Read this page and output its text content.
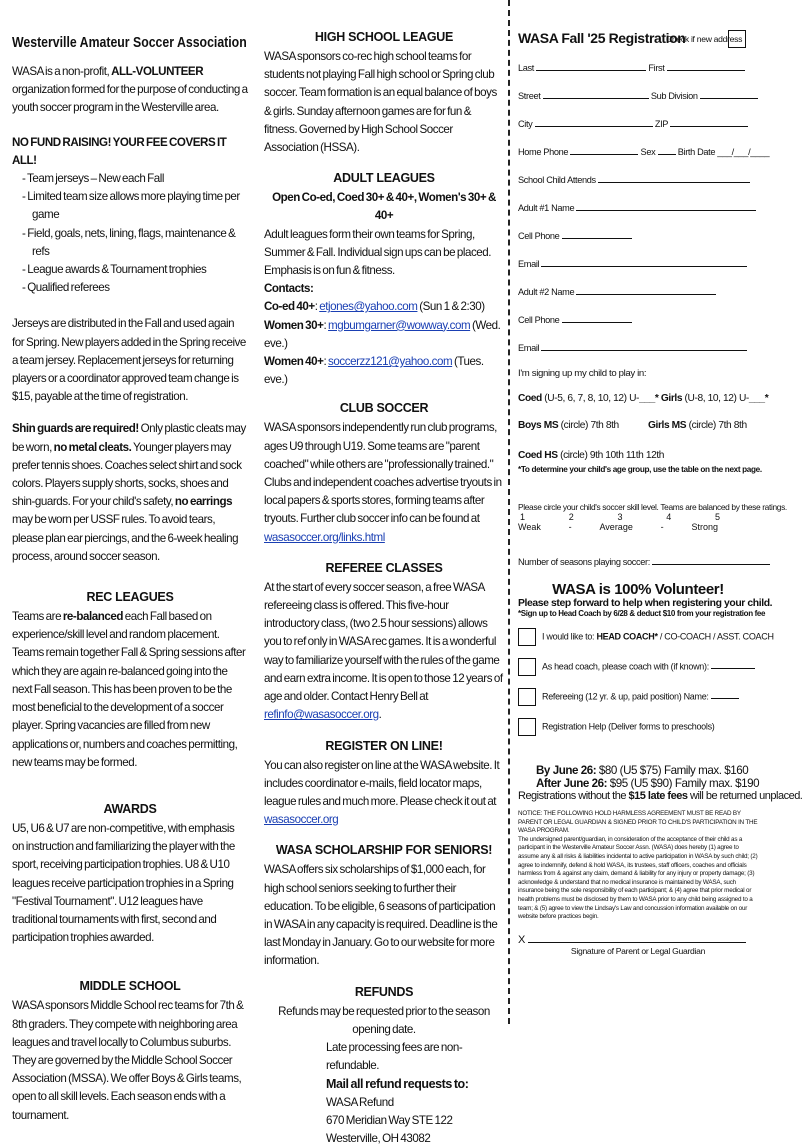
Westerville Amateur Soccer Association
WASA is a non-profit, ALL-VOLUNTEER organization formed for the purpose of conducting a youth soccer program in the Westerville area.
NO FUND RAISING! YOUR FEE COVERS IT ALL!
- Team jerseys – New each Fall
- Limited team size allows more playing time per game
- Field, goals, nets, lining, flags, maintenance & refs
- League awards & Tournament trophies
- Qualified referees
Jerseys are distributed in the Fall and used again for Spring. New players added in the Spring receive a team jersey. Replacement jerseys for returning players or a coordinator approved team change is $15, payable at the time of registration.
Shin guards are required! Only plastic cleats may be worn, no metal cleats. Younger players may prefer tennis shoes. Coaches select shirt and sock colors. Players supply shorts, socks, shoes and shin-guards. For your child's safety, no earrings may be worn per USSF rules. To avoid tears, please plan ear piercings, and the 6-week healing process, around soccer season.
REC LEAGUES
Teams are re-balanced each Fall based on experience/skill level and random placement. Teams remain together Fall & Spring sessions after which they are again re-balanced going into the next Fall season. This has been proven to be the most beneficial to the development of a soccer player. Spring vacancies are filled from new applications or, numbers and coaches permitting, new teams may be formed.
AWARDS
U5, U6 & U7 are non-competitive, with emphasis on instruction and familiarizing the player with the sport, receiving participation trophies. U8 & U10 leagues receive participation trophies in a Spring "Festival Tournament". U12 leagues have traditional tournaments with first, second and participation trophies awarded.
MIDDLE SCHOOL
WASA sponsors Middle School rec teams for 7th & 8th graders. They compete with neighboring area leagues and travel locally to Columbus suburbs. They are governed by the Middle School Soccer Association (MSSA). We offer Boys & Girls teams, open to all skill levels. Each season ends with a tournament.
HIGH SCHOOL LEAGUE
WASA sponsors co-rec high school teams for students not playing Fall high school or Spring club soccer. Team formation is an equal balance of boys & girls. Sunday afternoon games are for fun & fitness. Governed by High School Soccer Association (HSSA).
ADULT LEAGUES
Open Co-ed, Coed 30+ & 40+, Women's 30+ & 40+
Adult leagues form their own teams for Spring, Summer & Fall. Individual sign ups can be placed. Emphasis is on fun & fitness.
Contacts:
Co-ed 40+: etjones@yahoo.com (Sun 1 & 2:30)
Women 30+: mgbumgarner@wowway.com (Wed. eve.)
Women 40+: soccerzz121@yahoo.com (Tues. eve.)
CLUB SOCCER
WASA sponsors independently run club programs, ages U9 through U19. Some teams are "parent coached" while others are "professionally trained." Clubs and independent coaches advertise tryouts in local papers & sports stores, forming teams after tryouts. Further club soccer info can be found at wasasoccer.org/links.html
REFEREE CLASSES
At the start of every soccer season, a free WASA refereeing class is offered. This five-hour introductory class, (two 2.5 hour sessions) allows you to ref only in WASA rec games. It is a wonderful way to familiarize yourself with the rules of the game and earn extra income. It is open to those 12 years of age and older. Contact Henry Bell at refinfo@wasasoccer.org.
REGISTER ON LINE!
You can also register on line at the WASA website. It includes coordinator e-mails, field locator maps, league rules and much more. Please check it out at wasasoccer.org
WASA SCHOLARSHIP FOR SENIORS!
WASA offers six scholarships of $1,000 each, for high school seniors seeking to further their education. To be eligible, 6 seasons of participation in WASA in any capacity is required. Deadline is the last Monday in January. Go to our website for more information.
REFUNDS
Refunds may be requested prior to the season opening date.
Late processing fees are non-refundable.
Mail all refund requests to:
WASA Refund
670 Meridian Way STE 122
Westerville, OH 43082
WASA Fall '25 Registration
Check if new address
Last	First
Street	Sub Division
City	ZIP
Home Phone	Sex Birth Date ___/___/____
School Child Attends
Adult #1 Name
Cell Phone
Email
Adult #2 Name
Cell Phone
Email
I'm signing up my child to play in:
Coed (U-5, 6, 7, 8, 10, 12) U-___* Girls (U-8, 10, 12) U-___*
Boys MS (circle) 7th 8th	Girls MS (circle) 7th 8th
Coed HS (circle) 9th 10th 11th 12th
*To determine your child's age group, use the table on the next page.
Please circle your child's soccer skill level. Teams are balanced by these ratings.
1	2	3	4	5
Weak	-	Average	-	Strong
Number of seasons playing soccer:
WASA is 100% Volunteer!
Please step forward to help when registering your child.
*Sign up to Head Coach by 6/28 & deduct $10 from your registration fee
I would like to: HEAD COACH* / CO-COACH / ASST. COACH
As head coach, please coach with (if known):
Refereeing (12 yr. & up, paid position) Name:
Registration Help (Deliver forms to preschools)
By June 26: $80 (U5 $75) Family max. $160
After June 26: $95 (U5 $90) Family max. $190
Registrations without the $15 late fees will be returned unplaced.
NOTICE: THE FOLLOWING HOLD HARMLESS AGREEMENT MUST BE READ BY PARENT OR LEGAL GUARDIAN & SIGNED PRIOR TO CHILD'S PARTICIPATION IN THE WASA PROGRAM.
The undersigned parent/guardian, in consideration of the acceptance of their child as a participant in the Westerville Amateur Soccer Assn. (WASA) does hereby (1) agree to assume any & all risks & liabilities incidental to active participation in WASA by such child; (2) agree to indemnify, defend & hold WASA, its trustees, staff officers, coaches and officials harmless from & against any claim, demand & liability for any injury or property damage; (3) acknowledge & understand that no medical insurance is maintained by WASA, such insurance being the sole responsibility of each participant; & (4) agree that prior medical or health problems must be disclosed by them to WASA prior to any child being assigned to a team; & (5) agree to view the Lindsay's Law and concussion information available on our website before practices begin.
X
Signature of Parent or Legal Guardian
